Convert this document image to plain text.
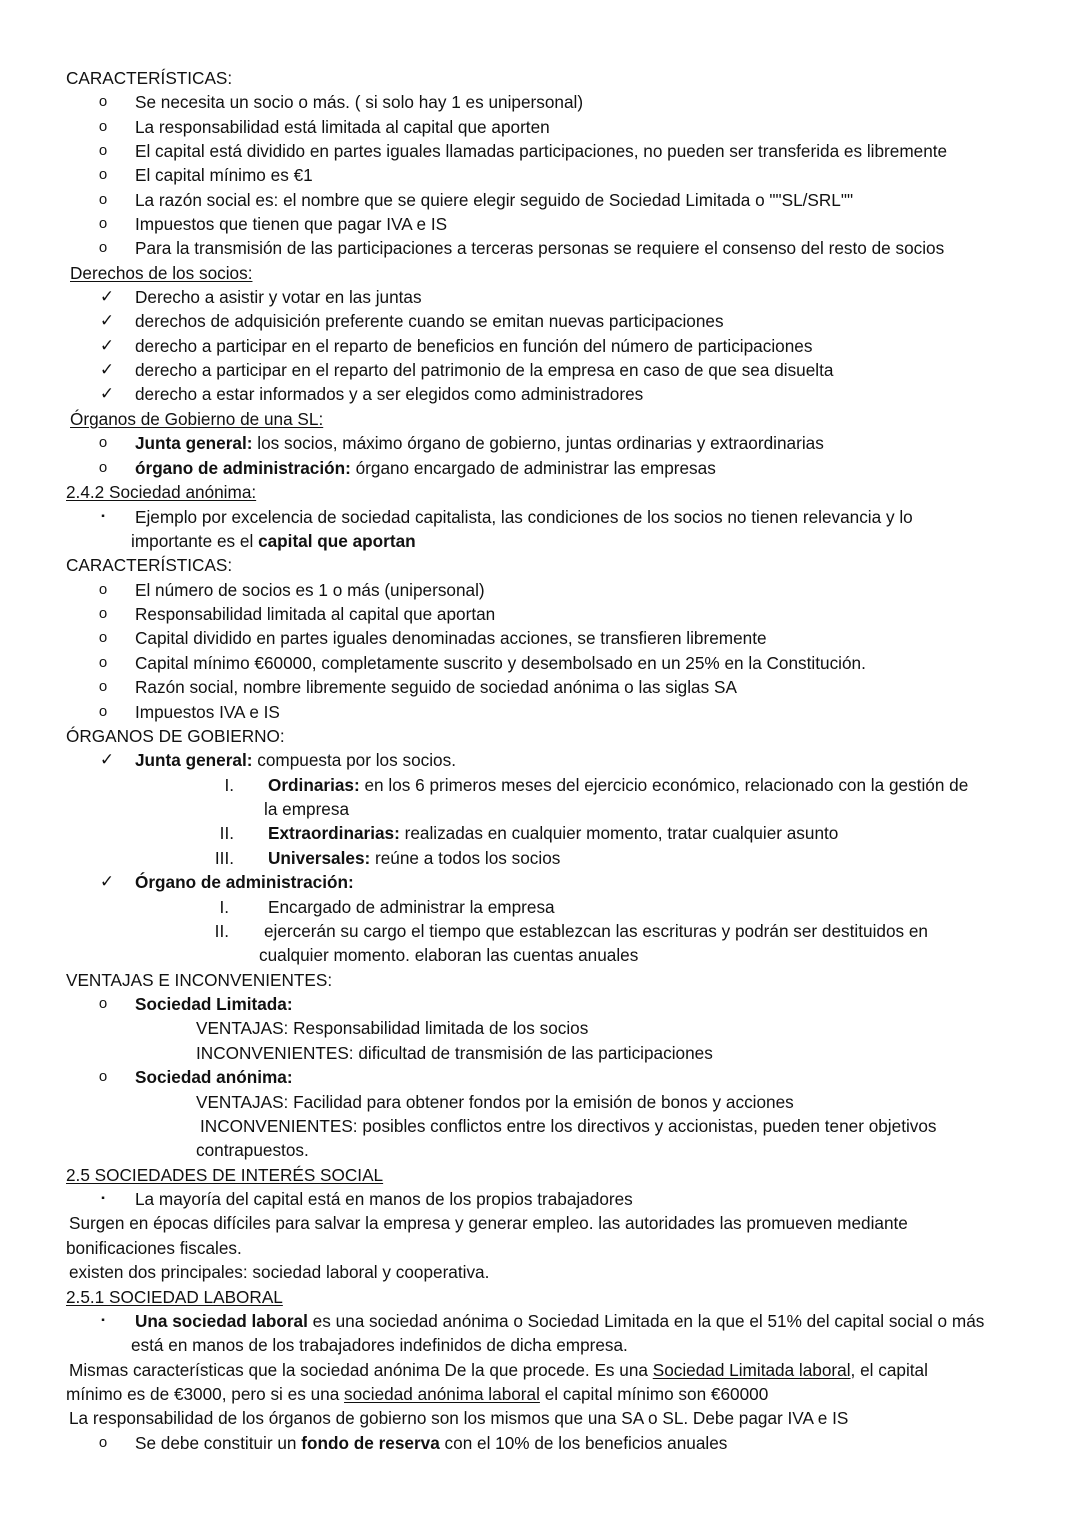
CARACTERÍSTICAS:
o	Se necesita un socio o más. ( si solo hay 1 es unipersonal)
o	La responsabilidad está limitada al capital que aporten
o	El capital está dividido en partes iguales llamadas participaciones, no pueden ser transferida es libremente
o	El capital mínimo es €1
o	La razón social es: el nombre que se quiere elegir seguido de Sociedad Limitada o ""SL/SRL""
o	Impuestos que tienen que pagar IVA e IS
o	Para la transmisión de las participaciones a terceras personas se requiere el consenso del resto de socios
Derechos de los socios:
✓ Derecho a asistir y votar en las juntas
✓ derechos de adquisición preferente cuando se emitan nuevas participaciones
✓ derecho a participar en el reparto de beneficios en función del número de participaciones
✓ derecho a participar en el reparto del patrimonio de la empresa en caso de que sea disuelta
✓ derecho a estar informados y a ser elegidos como administradores
Órganos de Gobierno de una SL:
o	Junta general: los socios, máximo órgano de gobierno, juntas ordinarias y extraordinarias
o	órgano de administración: órgano encargado de administrar las empresas
2.4.2 Sociedad anónima:
▪	Ejemplo por excelencia de sociedad capitalista, las condiciones de los socios no tienen relevancia y lo
importante es el capital que aportan
CARACTERÍSTICAS:
o	El número de socios es 1 o más (unipersonal)
o	Responsabilidad limitada al capital que aportan
o	Capital dividido en partes iguales denominadas acciones, se transfieren libremente
o	Capital mínimo €60000, completamente suscrito y desembolsado en un 25% en la Constitución.
o	Razón social, nombre libremente seguido de sociedad anónima o las siglas SA
o	Impuestos IVA e IS
ÓRGANOS DE GOBIERNO:
✓ Junta general: compuesta por los socios.
I. Ordinarias: en los 6 primeros meses del ejercicio económico, relacionado con la gestión de
la empresa
II. Extraordinarias: realizadas en cualquier momento, tratar cualquier asunto
III. Universales: reúne a todos los socios
✓ Órgano de administración:
I. Encargado de administrar la empresa
II. ejercerán su cargo el tiempo que establezcan las escrituras y podrán ser destituidos en
cualquier momento. elaboran las cuentas anuales
VENTAJAS E INCONVENIENTES:
o	Sociedad Limitada:
VENTAJAS: Responsabilidad limitada de los socios
INCONVENIENTES: dificultad de transmisión de las participaciones
o	Sociedad anónima:
VENTAJAS: Facilidad para obtener fondos por la emisión de bonos y acciones
INCONVENIENTES: posibles conflictos entre los directivos y accionistas, pueden tener objetivos
contrapuestos.
2.5 SOCIEDADES DE INTERÉS SOCIAL
▪	La mayoría del capital está en manos de los propios trabajadores
Surgen en épocas difíciles para salvar la empresa y generar empleo. las autoridades las promueven mediante
bonificaciones fiscales.
existen dos principales: sociedad laboral y cooperativa.
2.5.1 SOCIEDAD LABORAL
▪	Una sociedad laboral es una sociedad anónima o Sociedad Limitada en la que el 51% del capital social o más
está en manos de los trabajadores indefinidos de dicha empresa.
Mismas características que la sociedad anónima De la que procede. Es una Sociedad Limitada laboral, el capital
mínimo es de €3000, pero si es una sociedad anónima laboral el capital mínimo son €60000
La responsabilidad de los órganos de gobierno son los mismos que una SA o SL. Debe pagar IVA e IS
o	Se debe constituir un fondo de reserva con el 10% de los beneficios anuales
